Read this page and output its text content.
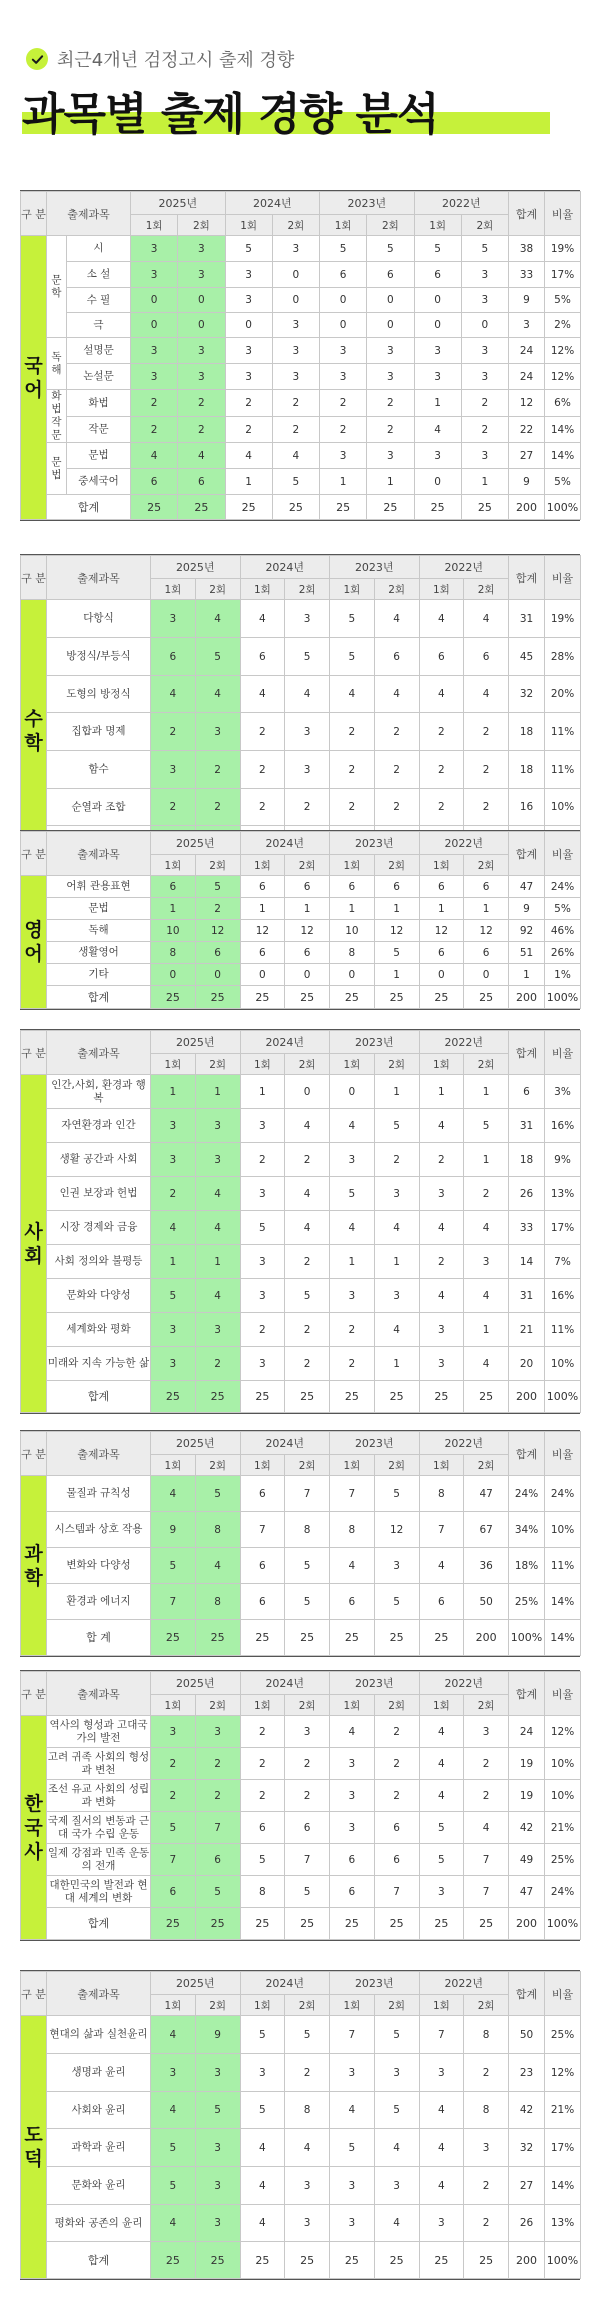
최근4개년 검정고시 출제 경향
과목별 출제 경향 분석
구 분	출제과목		2025년		2024년		2023년		2022년		합계	비율
			1회	2회	1회	2회	1회	2회	1회	2회		

국어	문학	시	3	3	5	3	5	5	5	5	38	19%
		소 설	3	3	3	0	6	6	6	3	33	17%
		수 필	0	0	3	0	0	0	0	3	9	5%
		극	0	0	0	3	0	0	0	0	3	2%
	독해	설명문	3	3	3	3	3	3	3	3	24	12%
		논설문	3	3	3	3	3	3	3	3	24	12%
	화법 작문	화법	2	2	2	2	2	2	1	2	12	6%
		작문	2	2	2	2	2	2	4	2	22	14%
	문법	문법	4	4	4	4	3	3	3	3	27	14%
		중세국어	6	6	1	5	1	1	0	1	9	5%
	합계		25	25	25	25	25	25	25	25	200	100%
구 분	출제과목	2025년		2024년		2023년		2022년		합계	비율
		1회	2회	1회	2회	1회	2회	1회	2회		

수학	다항식	3	4	4	3	5	4	4	4	31	19%
	방정식/부등식	6	5	6	5	5	6	6	6	45	28%
	도형의 방정식	4	4	4	4	4	4	4	4	32	20%
	집합과 명제	2	3	2	3	2	2	2	2	18	11%
	함수	3	2	2	3	2	2	2	2	18	11%
	순열과 조합	2	2	2	2	2	2	2	2	16	10%

구 분	출제과목	2025년		2024년		2023년		2022년		합계	비율
		1회	2회	1회	2회	1회	2회	1회	2회		

영어	어휘 관용표현	6	5	6	6	6	6	6	6	47	24%
	문법	1	2	1	1	1	1	1	1	9	5%
	독해	10	12	12	12	10	12	12	12	92	46%
	생활영어	8	6	6	6	8	5	6	6	51	26%
	기타	0	0	0	0	0	1	0	0	1	1%
	합계	25	25	25	25	25	25	25	25	200	100%
구 분	출제과목	2025년		2024년		2023년		2022년		합계	비율
		1회	2회	1회	2회	1회	2회	1회	2회		

사회	인간,사회, 환경과 행복	1	1	1	0	0	1	1	1	6	3%
	자연환경과 인간	3	3	3	4	4	5	4	5	31	16%
	생활 공간과 사회	3	3	2	2	3	2	2	1	18	9%
	인권 보장과 헌법	2	4	3	4	5	3	3	2	26	13%
	시장 경제와 금융	4	4	5	4	4	4	4	4	33	17%
	사회 정의와 불평등	1	1	3	2	1	1	2	3	14	7%
	문화와 다양성	5	4	3	5	3	3	4	4	31	16%
	세계화와 평화	3	3	2	2	2	4	3	1	21	11%
	미래와 지속 가능한 삶	3	2	3	2	2	1	3	4	20	10%
	합계	25	25	25	25	25	25	25	25	200	100%
구 분	출제과목	2025년		2024년		2023년		2022년		합계	비율
		1회	2회	1회	2회	1회	2회	1회	2회		

과학	물질과 규칙성	4	5	6	7	7	5	8	47	24%	24%
	시스템과 상호 작용	9	8	7	8	8	12	7	67	34%	10%
	변화와 다양성	5	4	6	5	4	3	4	36	18%	11%
	환경과 에너지	7	8	6	5	6	5	6	50	25%	14%
	합 계	25	25	25	25	25	25	25	200	100%	14%
구 분	출제과목	2025년		2024년		2023년		2022년		합계	비율
		1회	2회	1회	2회	1회	2회	1회	2회		

한국사	역사의 형성과 고대국가의 발전	3	3	2	3	4	2	4	3	24	12%
	고려 귀족 사회의 형성과 변천	2	2	2	2	3	2	4	2	19	10%
	조선 유교 사회의 성립과 변화	2	2	2	2	3	2	4	2	19	10%
	국제 질서의 변동과 근대 국가 수립 운동	5	7	6	6	3	6	5	4	42	21%
	일제 강점과 민족 운동의 전개	7	6	5	7	6	6	5	7	49	25%
	대한민국의 발전과 현대 세계의 변화	6	5	8	5	6	7	3	7	47	24%
	합계	25	25	25	25	25	25	25	25	200	100%
구 분	출제과목	2025년		2024년		2023년		2022년		합계	비율
		1회	2회	1회	2회	1회	2회	1회	2회		

도덕	현대의 삶과 실천윤리	4	9	5	5	7	5	7	8	50	25%
	생명과 윤리	3	3	3	2	3	3	3	2	23	12%
	사회와 윤리	4	5	5	8	4	5	4	8	42	21%
	과학과 윤리	5	3	4	4	5	4	4	3	32	17%
	문화와 윤리	5	3	4	3	3	3	4	2	27	14%
	평화와 공존의 윤리	4	3	4	3	3	4	3	2	26	13%
	합계	25	25	25	25	25	25	25	25	200	100%
